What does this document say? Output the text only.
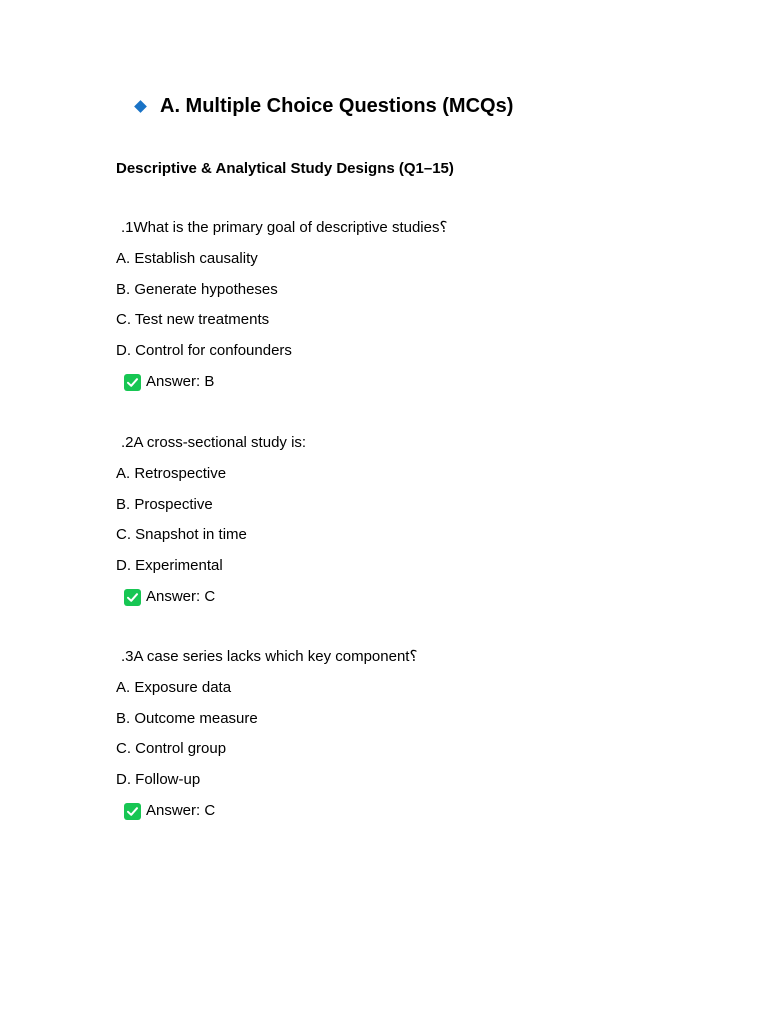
A. Multiple Choice Questions (MCQs)
Descriptive & Analytical Study Designs (Q1–15)
.1What is the primary goal of descriptive studies؟
A. Establish causality
B. Generate hypotheses
C. Test new treatments
D. Control for confounders
Answer: B
.2A cross-sectional study is:
A. Retrospective
B. Prospective
C. Snapshot in time
D. Experimental
Answer: C
.3A case series lacks which key component؟
A. Exposure data
B. Outcome measure
C. Control group
D. Follow-up
Answer: C
